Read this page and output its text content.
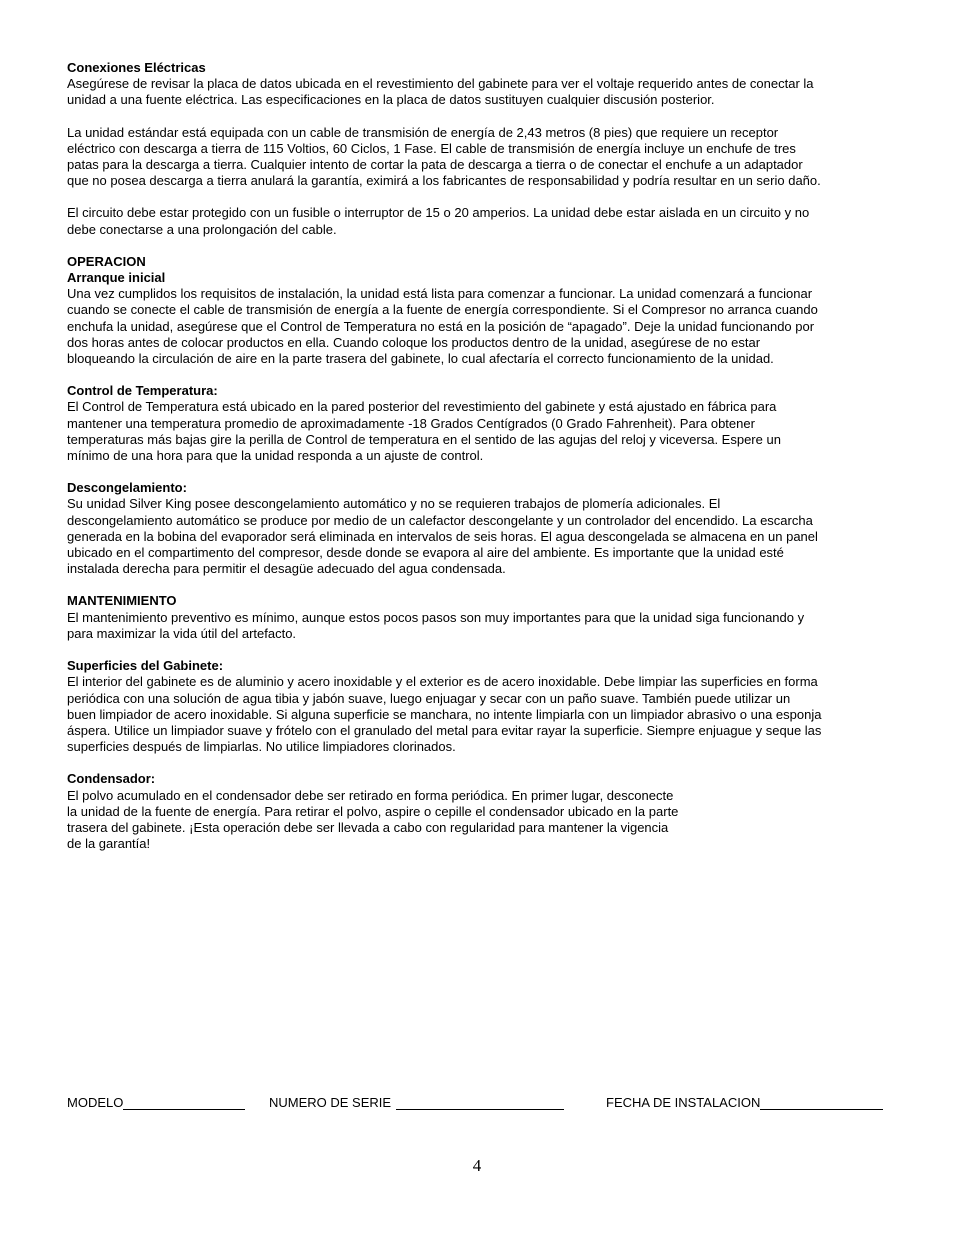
Conexiones Eléctricas
Asegúrese de revisar la placa de datos ubicada en el revestimiento del gabinete para ver el voltaje requerido antes de conectar la
unidad a una fuente eléctrica. Las especificaciones en la placa de datos sustituyen cualquier discusión posterior.

La unidad estándar está equipada con un cable de transmisión de energía de 2,43 metros (8 pies) que requiere un receptor
eléctrico con descarga a tierra de 115 Voltios, 60 Ciclos, 1 Fase. El cable de transmisión de energía incluye un enchufe de tres
patas para la descarga a tierra. Cualquier intento de cortar la pata de descarga a tierra o de conectar el enchufe a un adaptador
que no posea descarga a tierra anulará la garantía, eximirá a los fabricantes de responsabilidad y podría resultar en un serio daño.

El circuito debe estar protegido con un fusible o interruptor de 15 o 20 amperios. La unidad debe estar aislada en un circuito y no
debe conectarse a una prolongación del cable.

OPERACION
Arranque inicial
Una vez cumplidos los requisitos de instalación, la unidad está lista para comenzar a funcionar. La unidad comenzará a funcionar
cuando se conecte el cable de transmisión de energía a la fuente de energía correspondiente. Si el Compresor no arranca cuando
enchufa la unidad, asegúrese que el Control de Temperatura no está en la posición de “apagado”. Deje la unidad funcionando por
dos horas antes de colocar productos en ella. Cuando coloque los productos dentro de la unidad, asegúrese de no estar
bloqueando la circulación de aire en la parte trasera del gabinete, lo cual afectaría el correcto funcionamiento de la unidad.

Control de Temperatura:
El Control de Temperatura está ubicado en la pared posterior del revestimiento del gabinete y está ajustado en fábrica para
mantener una temperatura promedio de aproximadamente -18 Grados Centígrados (0 Grado Fahrenheit). Para obtener
temperaturas más bajas gire la perilla de Control de temperatura en el sentido de las agujas del reloj y viceversa. Espere un
mínimo de una hora para que la unidad responda a un ajuste de control.

Descongelamiento:
Su unidad Silver King posee descongelamiento automático y no se requieren trabajos de plomería adicionales. El
descongelamiento automático se produce por medio de un calefactor descongelante y un controlador del encendido. La escarcha
generada en la bobina del evaporador será eliminada en intervalos de seis horas. El agua descongelada se almacena en un panel
ubicado en el compartimento del compresor, desde donde se evapora al aire del ambiente. Es importante que la unidad esté
instalada derecha para permitir el desagüe adecuado del agua condensada.

MANTENIMIENTO
El mantenimiento preventivo es mínimo, aunque estos pocos pasos son muy importantes para que la unidad siga funcionando y
para maximizar la vida útil del artefacto.

Superficies del Gabinete:
El interior del gabinete es de aluminio y acero inoxidable y el exterior es de acero inoxidable. Debe limpiar las superficies en forma
periódica con una solución de agua tibia y jabón suave, luego enjuagar y secar con un paño suave. También puede utilizar un
buen limpiador de acero inoxidable. Si alguna superficie se manchara, no intente limpiarla con un limpiador abrasivo o una esponja
áspera. Utilice un limpiador suave y frótelo con el granulado del metal para evitar rayar la superficie. Siempre enjuague y seque las
superficies después de limpiarlas. No utilice limpiadores clorinados.

Condensador:
El polvo acumulado en el condensador debe ser retirado en forma periódica. En primer lugar, desconecte
la unidad de la fuente de energía. Para retirar el polvo, aspire o cepille el condensador ubicado en la parte
trasera del gabinete. ¡Esta operación debe ser llevada a cabo con regularidad para mantener la vigencia
de la garantía!

MODELO	NUMERO DE SERIE	FECHA DE INSTALACION
4
